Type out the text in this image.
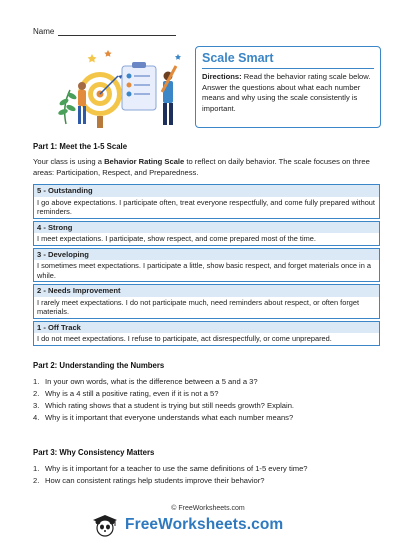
Name
Scale Smart
Directions: Read the behavior rating scale below. Answer the questions about what each number means and why using the scale consistently is important.
Part 1: Meet the 1-5 Scale
Your class is using a Behavior Rating Scale to reflect on daily behavior. The scale focuses on three areas: Participation, Respect, and Preparedness.
5 - Outstanding
I go above expectations. I participate often, treat everyone respectfully, and come fully prepared without reminders.
4 - Strong
I meet expectations. I participate, show respect, and come prepared most of the time.
3 - Developing
I sometimes meet expectations. I participate a little, show basic respect, and forget materials once in a while.
2 - Needs Improvement
I rarely meet expectations. I do not participate much, need reminders about respect, or often forget materials.
1 - Off Track
I do not meet expectations. I refuse to participate, act disrespectfully, or come unprepared.
Part 2: Understanding the Numbers
1. In your own words, what is the difference between a 5 and a 3?
2. Why is a 4 still a positive rating, even if it is not a 5?
3. Which rating shows that a student is trying but still needs growth? Explain.
4. Why is it important that everyone understands what each number means?
Part 3: Why Consistency Matters
1. Why is it important for a teacher to use the same definitions of 1-5 every time?
2. How can consistent ratings help students improve their behavior?
© FreeWorksheets.com
FreeWorksheets.com
